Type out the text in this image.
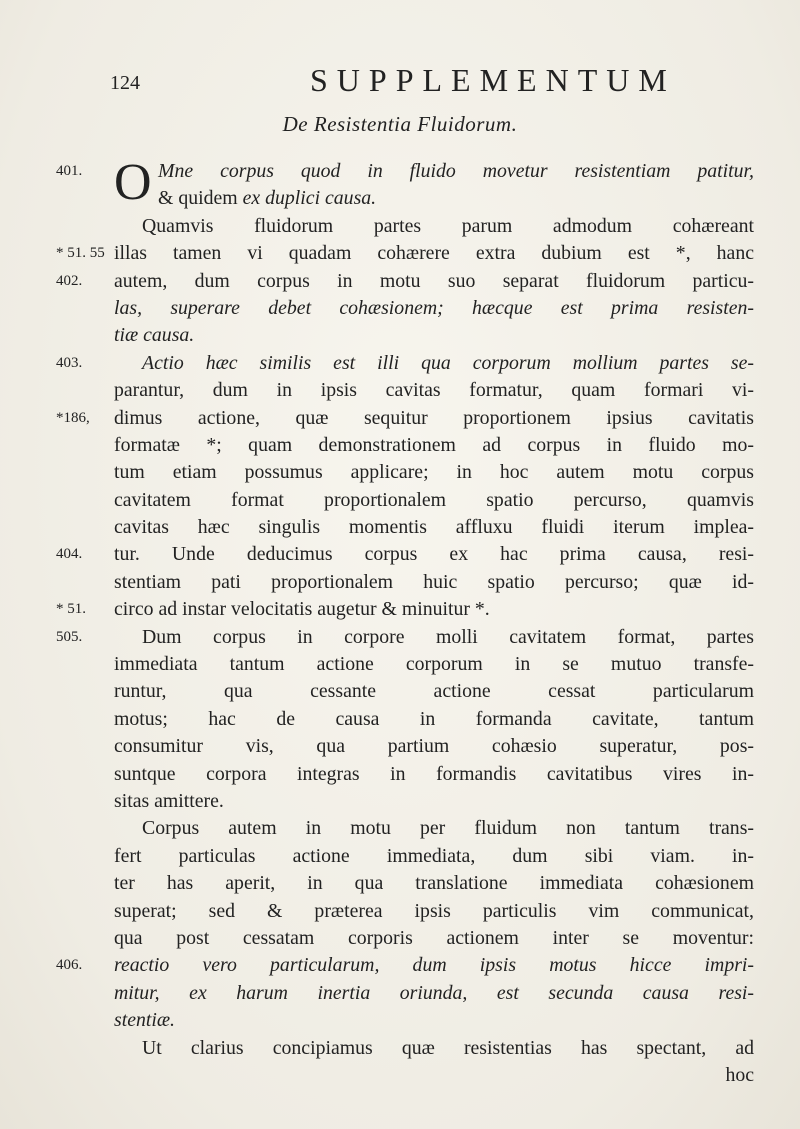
124	SUPPLEMENTUM
De Resistentia Fluidorum.
401. O Mne corpus quod in fluido movetur resistentiam patitur,
& quidem ex duplici causa.
Quamvis fluidorum partes parum admodum cohæreant
* 51. 55 illas tamen vi quadam cohærere extra dubium est *, hanc
402.	autem, dum corpus in motu suo separat fluidorum particu-
las, superare debet cohæsionem; hæcque est prima resisten-
tiæ causa.
403.	Actio hæc similis est illi qua corporum mollium partes se-
parantur, dum in ipsis cavitas formatur, quam formari vi-
*186,	dimus actione, quæ sequitur proportionem ipsius cavitatis
formatæ *; quam demonstrationem ad corpus in fluido mo-
tum etiam possumus applicare; in hoc autem motu corpus
cavitatem format proportionalem spatio percurso, quamvis
cavitas hæc singulis momentis affluxu fluidi iterum implea-
404.	tur. Unde deducimus corpus ex hac prima causa, resi-
stentiam pati proportionalem huic spatio percurso; quæ id-
* 51.	circo ad instar velocitatis augetur & minuitur *.
505.	Dum corpus in corpore molli cavitatem format, partes
immediata tantum actione corporum in se mutuo transfe-
runtur, qua cessante actione cessat particularum
motus; hac de causa in formanda cavitate, tantum
consumitur vis, qua partium cohæsio superatur, pos-
suntque corpora integras in formandis cavitatibus vires in-
sitas amittere.
Corpus autem in motu per fluidum non tantum trans-
fert particulas actione immediata, dum sibi viam. in-
ter has aperit, in qua translatione immediata cohæsionem
superat; sed & præterea ipsis particulis vim communicat,
qua post cessatam corporis actionem inter se moventur:
406.	reactio vero particularum, dum ipsis motus hicce impri-
mitur, ex harum inertia oriunda, est secunda causa resi-
stentiæ.
Ut clarius concipiamus quæ resistentias has spectant, ad
hoc
